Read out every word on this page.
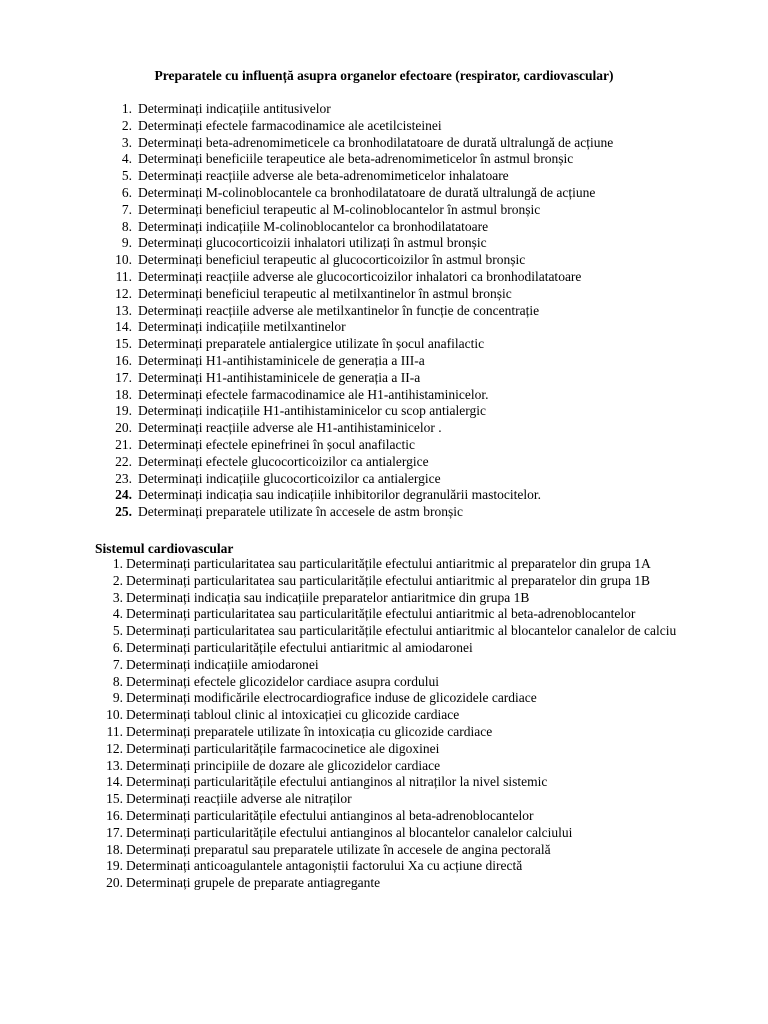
Preparatele cu influență asupra organelor efectoare (respirator, cardiovascular)
1. Determinați indicațiile antitusivelor
2. Determinați efectele farmacodinamice ale acetilcisteinei
3. Determinați beta-adrenomimeticele ca bronhodilatatoare de durată ultralungă de acțiune
4. Determinați beneficiile terapeutice ale beta-adrenomimeticelor în astmul bronșic
5. Determinați reacțiile adverse ale beta-adrenomimeticelor inhalatoare
6. Determinați M-colinoblocantele ca bronhodilatatoare de durată ultralungă de acțiune
7. Determinați beneficiul terapeutic al M-colinoblocantelor în astmul bronșic
8. Determinați indicațiile M-colinoblocantelor ca bronhodilatatoare
9. Determinați glucocorticoizii inhalatori utilizați în astmul bronșic
10. Determinați beneficiul terapeutic al glucocorticoizilor în astmul bronșic
11. Determinați reacțiile adverse ale glucocorticoizilor inhalatori ca bronhodilatatoare
12. Determinați beneficiul terapeutic al metilxantinelor în astmul bronșic
13. Determinați reacțiile adverse ale metilxantinelor în funcție de concentrație
14. Determinați indicațiile metilxantinelor
15. Determinați preparatele antialergice utilizate în șocul anafilactic
16. Determinați H1-antihistaminicele de generația a III-a
17. Determinați H1-antihistaminicele de generația a II-a
18. Determinați efectele farmacodinamice ale H1-antihistaminicelor.
19. Determinați indicațiile H1-antihistaminicelor cu scop antialergic
20. Determinați reacțiile adverse ale H1-antihistaminicelor .
21. Determinați efectele epinefrinei în șocul anafilactic
22. Determinați efectele glucocorticoizilor ca antialergice
23. Determinați indicațiile glucocorticoizilor ca antialergice
24. Determinați indicația sau indicațiile inhibitorilor degranulării mastocitelor.
25. Determinați preparatele utilizate în accesele de astm bronșic
Sistemul cardiovascular
1. Determinați particularitatea sau particularitățile efectului antiaritmic al preparatelor din grupa 1A
2. Determinați particularitatea sau particularitățile efectului antiaritmic al preparatelor din grupa 1B
3. Determinați indicația sau indicațiile preparatelor antiaritmice din grupa 1B
4. Determinați particularitatea sau particularitățile efectului antiaritmic al beta-adrenoblocantelor
5. Determinați particularitatea sau particularitățile efectului antiaritmic al blocantelor canalelor de calciu
6. Determinați particularitățile efectului antiaritmic al amiodaronei
7. Determinați indicațiile amiodaronei
8. Determinați efectele glicozidelor cardiace asupra cordului
9. Determinați modificările electrocardiografice induse de glicozidele cardiace
10. Determinați tabloul clinic al intoxicației cu glicozide cardiace
11. Determinați preparatele utilizate în intoxicația cu glicozide cardiace
12. Determinați particularitățile farmacocinetice ale digoxinei
13. Determinați principiile de dozare ale glicozidelor cardiace
14. Determinați particularitățile efectului antianginos al nitraților la nivel sistemic
15. Determinați reacțiile adverse ale nitraților
16. Determinați particularitățile efectului antianginos al beta-adrenoblocantelor
17. Determinați particularitățile efectului antianginos al blocantelor canalelor calciului
18. Determinați preparatul sau preparatele utilizate în accesele de angina pectorală
19. Determinați anticoagulantele antagoniștii factorului Xa cu acțiune directă
20. Determinați grupele de preparate antiagregante
